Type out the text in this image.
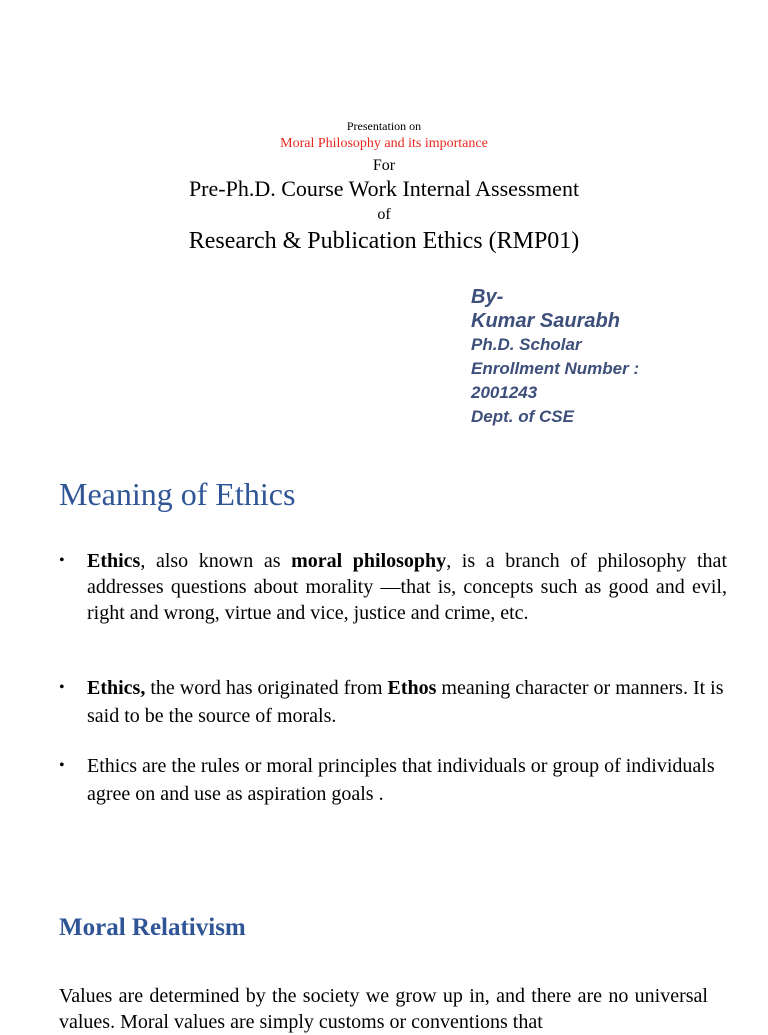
Presentation on
Moral Philosophy and its importance
For
Pre-Ph.D. Course Work Internal Assessment
of
Research & Publication Ethics (RMP01)
By-
Kumar Saurabh
Ph.D. Scholar
Enrollment Number :
2001243
Dept. of CSE
Meaning of Ethics
• Ethics, also known as moral philosophy, is a branch of philosophy that addresses questions about morality —that is, concepts such as good and evil, right and wrong, virtue and vice, justice and crime, etc.
• Ethics, the word has originated from Ethos meaning character or manners. It is said to be the source of morals.
• Ethics are the rules or moral principles that individuals or group of individuals agree on and use as aspiration goals .
Moral Relativism
Values are determined by the society we grow up in, and there are no universal values. Moral values are simply customs or conventions that
